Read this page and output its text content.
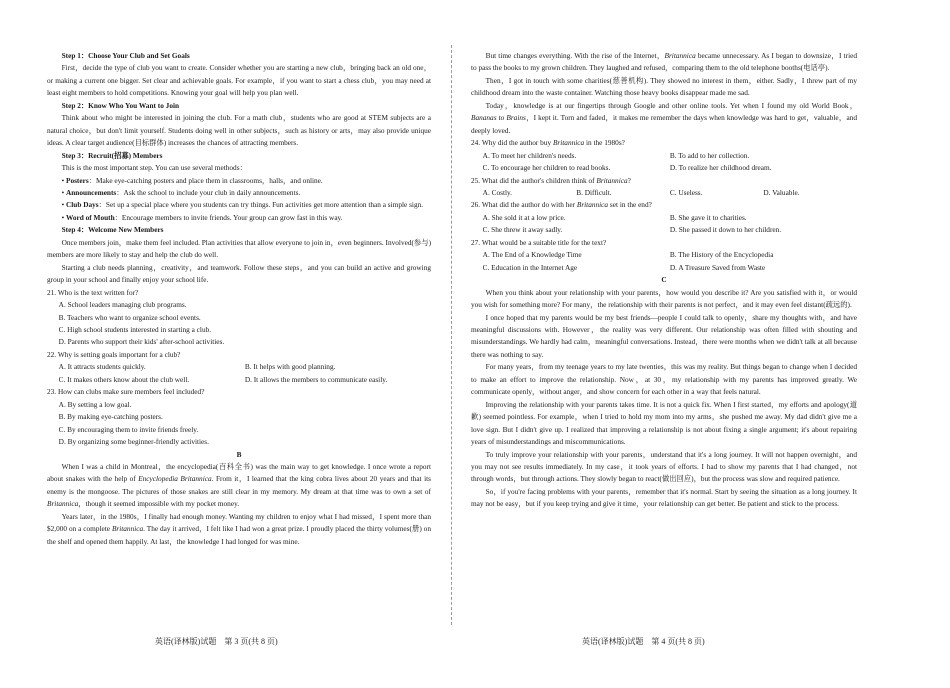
Step 1：Choose Your Club and Set Goals

First，decide the type of club you want to create. Consider whether you are starting a new club，bringing back an old one，or making a current one bigger. Set clear and achievable goals. For example，if you want to start a chess club，you may need at least eight members to hold competitions. Knowing your goal will help you plan well.

Step 2：Know Who You Want to Join

Think about who might be interested in joining the club. For a math club，students who are good at STEM subjects are a natural choice，but don't limit yourself. Students doing well in other subjects，such as history or arts，may also provide unique ideas. A clear target audience(目标群体) increases the chances of attracting members.

Step 3：Recruit(招募) Members

This is the most important step. You can use several methods：

• Posters：Make eye-catching posters and place them in classrooms，halls，and online.

• Announcements：Ask the school to include your club in daily announcements.

• Club Days：Set up a special place where you students can try things. Fun activities get more attention than a simple sign.

• Word of Mouth：Encourage members to invite friends. Your group can grow fast in this way.

Step 4：Welcome New Members

Once members join，make them feel included. Plan activities that allow everyone to join in，even beginners. Involved(参与) members are more likely to stay and help the club do well.

Starting a club needs planning，creativity，and teamwork. Follow these steps，and you can build an active and growing group in your school and finally enjoy your school life.

21. Who is the text written for?

A. School leaders managing club programs.

B. Teachers who want to organize school events.

C. High school students interested in starting a club.

D. Parents who support their kids' after-school activities.

22. Why is setting goals important for a club?

A. It attracts students quickly.	B. It helps with good planning.
C. It makes others know about the club well.	D. It allows the members to communicate easily.

23. How can clubs make sure members feel included?

A. By setting a low goal.

B. By making eye-catching posters.

C. By encouraging them to invite friends freely.

D. By organizing some beginner-friendly activities.

B

When I was a child in Montreal，the encyclopedia(百科全书) was the main way to get knowledge. I once wrote a report about snakes with the help of Encyclopedia Britannica. From it，I learned that the king cobra lives about 20 years and that its enemy is the mongoose. The pictures of those snakes are still clear in my memory. My dream at that time was to own a set of Britannica，though it seemed impossible with my pocket money.

Years later，in the 1980s，I finally had enough money. Wanting my children to enjoy what I had missed，I spent more than $2,000 on a complete Britannica. The day it arrived，I felt like I had won a great prize. I proudly placed the thirty volumes(册) on the shelf and opened them happily. At last，the knowledge I had longed for was mine.

But time changes everything. With the rise of the Internet，Britannica became unnecessary. As I began to downsize，I tried to pass the books to my grown children. They laughed and refused，comparing them to the old telephone booths(电话亭).

Then，I got in touch with some charities(慈善机构). They showed no interest in them，either. Sadly，I threw part of my childhood dream into the waste container. Watching those heavy books disappear made me sad.

Today，knowledge is at our fingertips through Google and other online tools. Yet when I found my old World Book，Bananas to Brains，I kept it. Torn and faded，it makes me remember the days when knowledge was hard to get，valuable，and deeply loved.

24. Why did the author buy Britannica in the 1980s?

A. To meet her children's needs.	B. To add to her collection.
C. To encourage her children to read books.	D. To realize her childhood dream.

25. What did the author's children think of Britannica?

A. Costly.	B. Difficult.	C. Useless.	D. Valuable.

26. What did the author do with her Britannica set in the end?

A. She sold it at a low price.	B. She gave it to charities.
C. She threw it away sadly.	D. She passed it down to her children.

27. What would be a suitable title for the text?

A. The End of a Knowledge Time	B. The History of the Encyclopedia
C. Education in the Internet Age	D. A Treasure Saved from Waste

C

When you think about your relationship with your parents，how would you describe it? Are you satisfied with it，or would you wish for something more? For many，the relationship with their parents is not perfect，and it may even feel distant(疏远的).

I once hoped that my parents would be my best friends—people I could talk to openly，share my thoughts with，and have meaningful discussions with. However，the reality was very different. Our relationship was often filled with shouting and misunderstandings. We hardly had calm，meaningful conversations. Instead，there were months when we didn't talk at all because there was nothing to say.

For many years，from my teenage years to my late twenties，this was my reality. But things began to change when I decided to make an effort to improve the relationship. Now，at 30，my relationship with my parents has improved greatly. We communicate openly，without anger，and show concern for each other in a way that feels natural.

Improving the relationship with your parents takes time. It is not a quick fix. When I first started，my efforts and apology(道歉) seemed pointless. For example，when I tried to hold my mom into my arms，she pushed me away. My dad didn't give me a love sign. But I didn't give up. I realized that improving a relationship is not about fixing a single argument; it's about repairing years of misunderstandings and miscommunications.

To truly improve your relationship with your parents，understand that it's a long journey. It will not happen overnight，and you may not see results immediately. In my case，it took years of efforts. I had to show my parents that I had changed，not through words，but through actions. They slowly began to react(做出回应)，but the process was slow and required patience.

So，if you're facing problems with your parents，remember that it's normal. Start by seeing the situation as a long journey. It may not be easy，but if you keep trying and give it time，your relationship can get better. Be patient and stick to the process.

英语(译林版)试题　第 3 页(共 8 页)	英语(译林版)试题　第 4 页(共 8 页)
